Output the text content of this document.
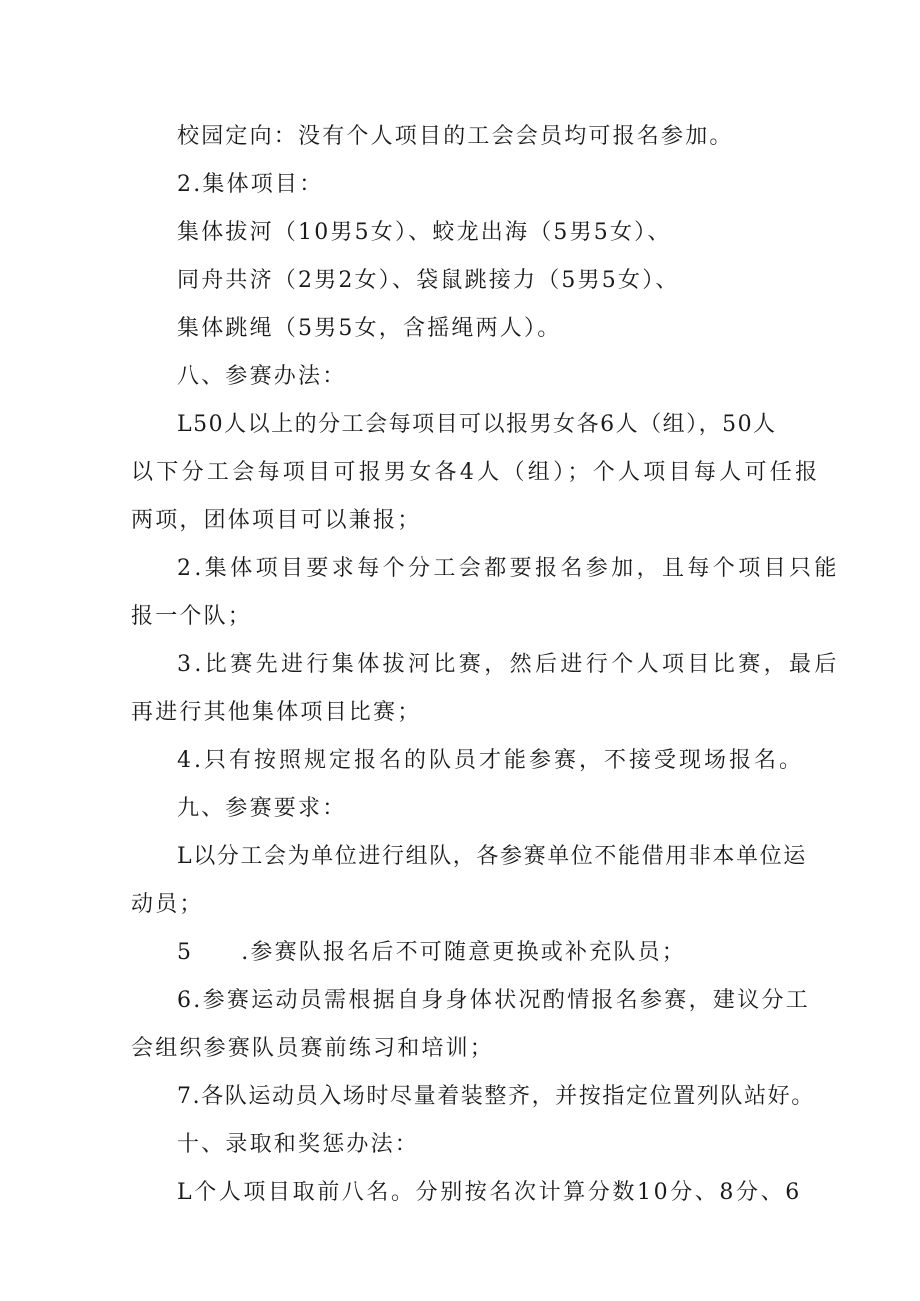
校园定向：没有个人项目的工会会员均可报名参加。
2.集体项目：
集体拔河（10男5女）、蛟龙出海（5男5女）、
同舟共济（2男2女）、袋鼠跳接力（5男5女）、
集体跳绳（5男5女，含摇绳两人）。
八、参赛办法：
L50人以上的分工会每项目可以报男女各6人（组），50人
以下分工会每项目可报男女各4人（组）；个人项目每人可任报
两项，团体项目可以兼报；
2.集体项目要求每个分工会都要报名参加，且每个项目只能
报一个队；
3.比赛先进行集体拔河比赛，然后进行个人项目比赛，最后
再进行其他集体项目比赛；
4.只有按照规定报名的队员才能参赛，不接受现场报名。
九、参赛要求：
L以分工会为单位进行组队，各参赛单位不能借用非本单位运
动员；
5 .参赛队报名后不可随意更换或补充队员；
6.参赛运动员需根据自身身体状况酌情报名参赛，建议分工
会组织参赛队员赛前练习和培训；
7.各队运动员入场时尽量着装整齐，并按指定位置列队站好。
十、录取和奖惩办法：
L个人项目取前八名。分别按名次计算分数10分、8分、6
